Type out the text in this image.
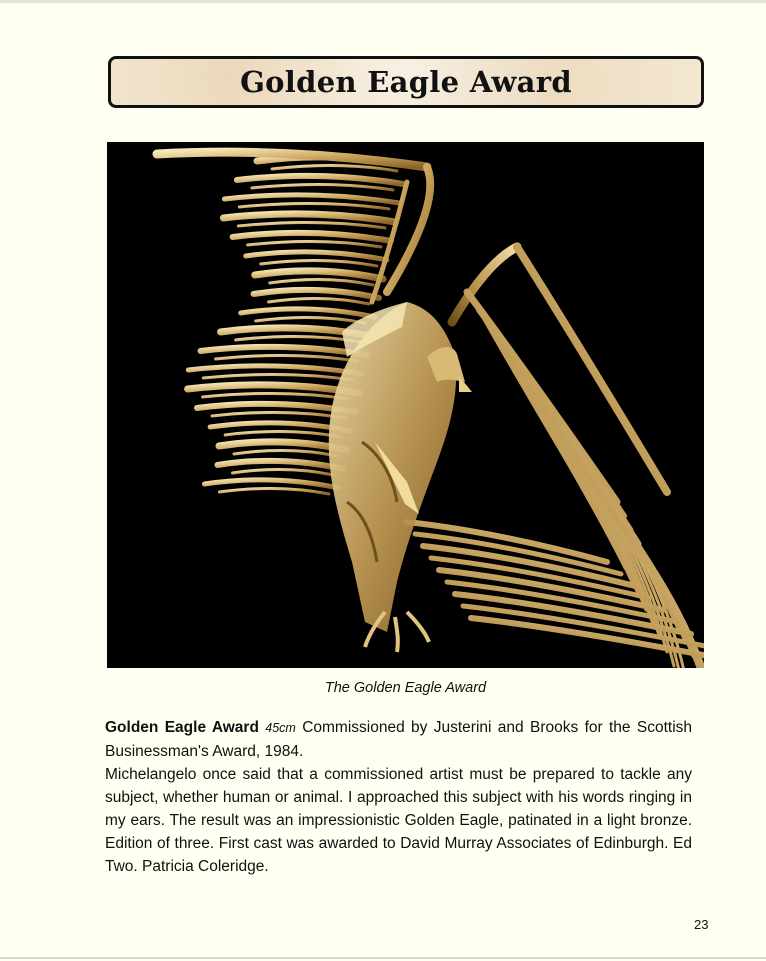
Golden Eagle Award
The Golden Eagle Award

Golden Eagle Award 45cm Commissioned by Justerini and Brooks for the Scottish Businessman's Award, 1984.

Michelangelo once said that a commissioned artist must be prepared to tackle any subject, whether human or animal. I approached this subject with his words ringing in my ears. The result was an impressionistic Golden Eagle, patinated in a light bronze. Edition of three. First cast was awarded to David Murray Associates of Edinburgh. Ed Two. Patricia Coleridge.

23
